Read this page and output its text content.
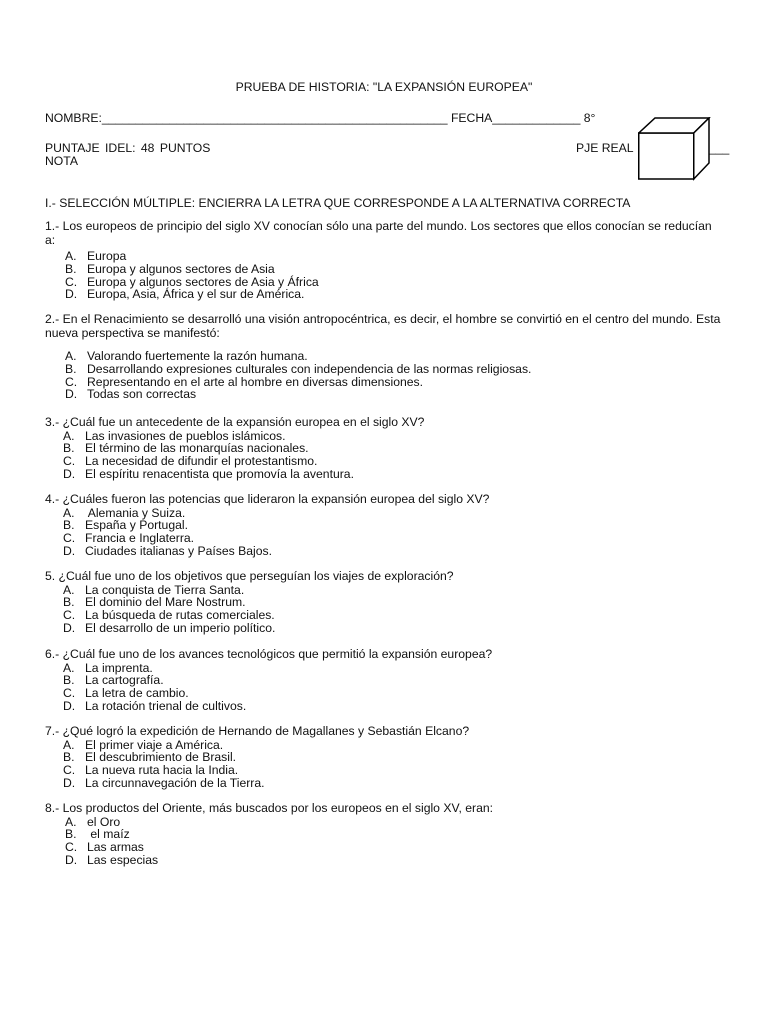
PRUEBA DE HISTORIA: "LA EXPANSIÓN EUROPEA"
NOMBRE:___________________________________________________ FECHA_____________ 8°
PUNTAJE IDEL: 48 PUNTOS	PJE REAL	___
NOTA
I.- SELECCIÓN MÚLTIPLE: ENCIERRA LA LETRA QUE CORRESPONDE A LA ALTERNATIVA CORRECTA
1.- Los europeos de principio del siglo XV conocían sólo una parte del mundo. Los sectores que ellos conocían se reducían a:
A. Europa
B. Europa y algunos sectores de Asia
C. Europa y algunos sectores de Asia y África
D. Europa, Asia, África y el sur de América.
2.- En el Renacimiento se desarrolló una visión antropocéntrica, es decir, el hombre se convirtió en el centro del mundo. Esta nueva perspectiva se manifestó:
A. Valorando fuertemente la razón humana.
B. Desarrollando expresiones culturales con independencia de las normas religiosas.
C. Representando en el arte al hombre en diversas dimensiones.
D. Todas son correctas
3.- ¿Cuál fue un antecedente de la expansión europea en el siglo XV?
A. Las invasiones de pueblos islámicos.
B. El término de las monarquías nacionales.
C. La necesidad de difundir el protestantismo.
D. El espíritu renacentista que promovía la aventura.
4.- ¿Cuáles fueron las potencias que lideraron la expansión europea del siglo XV?
A. Alemania y Suiza.
B. España y Portugal.
C. Francia e Inglaterra.
D. Ciudades italianas y Países Bajos.
5. ¿Cuál fue uno de los objetivos que perseguían los viajes de exploración?
A. La conquista de Tierra Santa.
B. El dominio del Mare Nostrum.
C. La búsqueda de rutas comerciales.
D. El desarrollo de un imperio político.
6.- ¿Cuál fue uno de los avances tecnológicos que permitió la expansión europea?
A. La imprenta.
B. La cartografía.
C. La letra de cambio.
D. La rotación trienal de cultivos.
7.- ¿Qué logró la expedición de Hernando de Magallanes y Sebastián Elcano?
A. El primer viaje a América.
B. El descubrimiento de Brasil.
C. La nueva ruta hacia la India.
D. La circunnavegación de la Tierra.
8.- Los productos del Oriente, más buscados por los europeos en el siglo XV, eran:
A. el Oro
B. el maíz
C. Las armas
D. Las especias
